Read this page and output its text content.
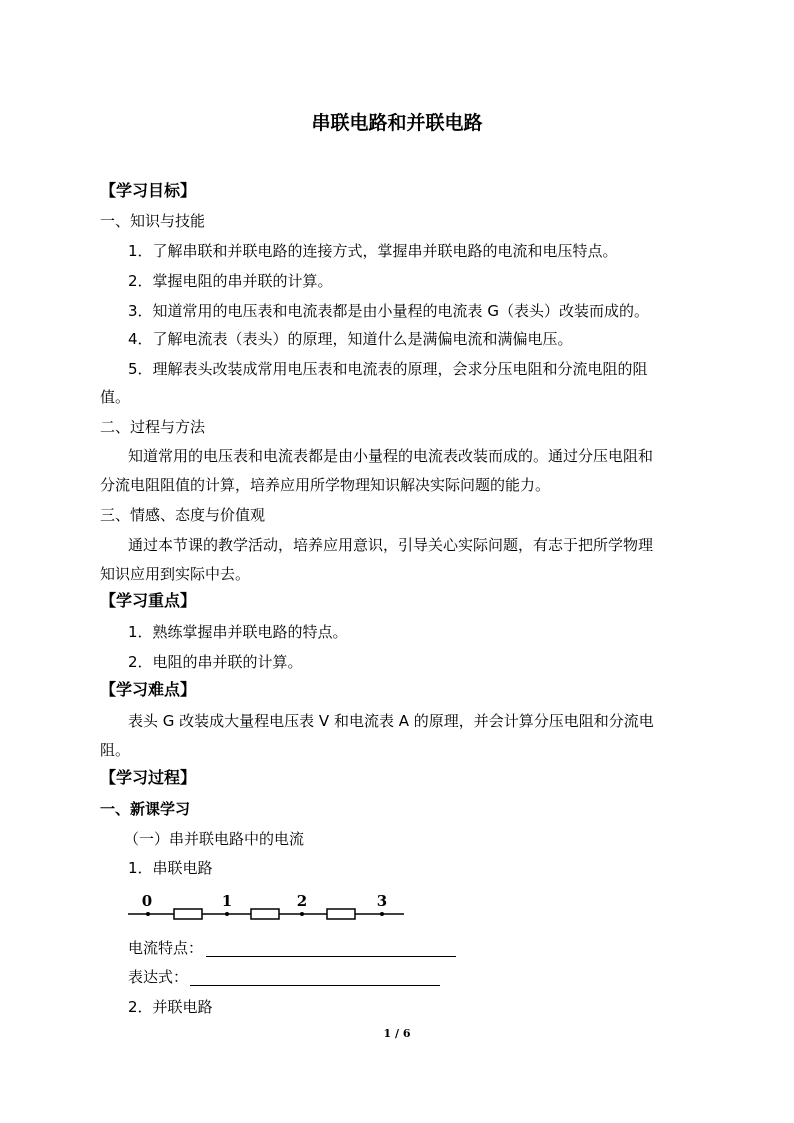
串联电路和并联电路
【学习目标】
一、知识与技能
1．了解串联和并联电路的连接方式，掌握串并联电路的电流和电压特点。
2．掌握电阻的串并联的计算。
3．知道常用的电压表和电流表都是由小量程的电流表 G（表头）改装而成的。
4．了解电流表（表头）的原理，知道什么是满偏电流和满偏电压。
5．理解表头改装成常用电压表和电流表的原理，会求分压电阻和分流电阻的阻
值。
二、过程与方法
知道常用的电压表和电流表都是由小量程的电流表改装而成的。通过分压电阻和
分流电阻阻值的计算，培养应用所学物理知识解决实际问题的能力。
三、情感、态度与价值观
通过本节课的教学活动，培养应用意识，引导关心实际问题，有志于把所学物理
知识应用到实际中去。
【学习重点】
1．熟练掌握串并联电路的特点。
2．电阻的串并联的计算。
【学习难点】
表头 G 改装成大量程电压表 V 和电流表 A 的原理，并会计算分压电阻和分流电
阻。
【学习过程】
一、新课学习
（一）串并联电路中的电流
1．串联电路
0	1	2	3
电流特点：
表达式：
2．并联电路
1 / 6
